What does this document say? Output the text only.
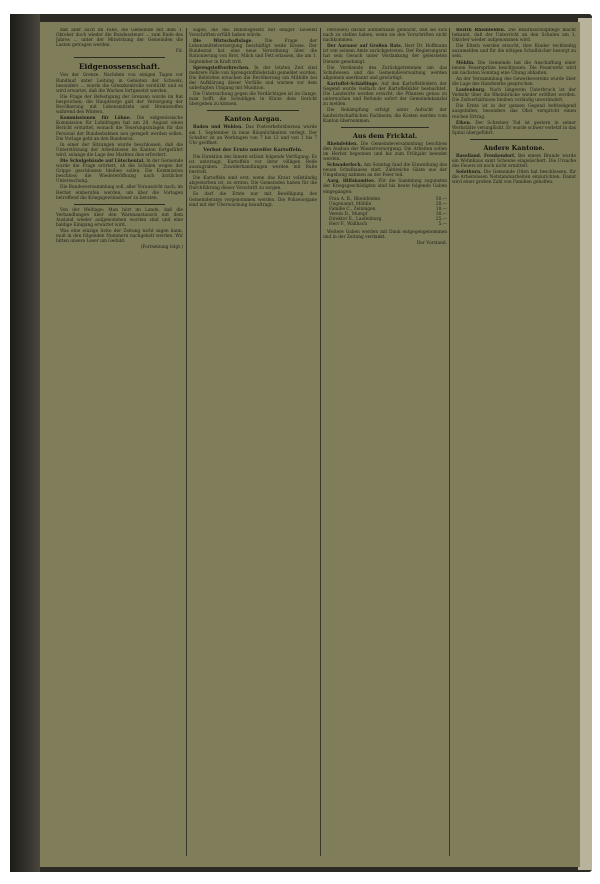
daß aber auch im Falle, die Gemeinde mit dem 1. Oktober doch wieder die Bundessteuer ... zum Ende des Jahres ... unter der Mitwirkung der Gemeinden die Lasten getragen werden.

Fd.

Eidgenossenschaft.

Von der Grenze. Nachdem von einigen Tagen vor Rundlauf unter Leitung in Gebieten der Schweiz, besonders ... wurde die Grenzkontrolle verstärkt und es wird erwartet, daß die Wachen fortgesetzt werden.

Die Frage der Befestigung der Grenzen wurde im Rat besprochen; die Hauptsorge galt der Versorgung der Bevölkerung mit Lebensmitteln und Brennstoffen während des Winters.

Kommissionen für Löhne. Die eidgenössische Kommission für Lohnfragen hat am 28. August einen Bericht erstattet, wonach die Teuerungszulagen für das Personal der Bundesbahnen neu geregelt werden sollen. Die Vorlage geht an den Bundesrat.

In einer der Sitzungen wurde beschlossen, daß die Unterstützung der Arbeitslosen im Kanton fortgeführt wird, solange die Lage des Marktes dies erfordert.

Die Schulgebäude auf Lütschental. In der Gemeinde wurde die Frage erörtert, ob die Schulen wegen der Grippe geschlossen bleiben sollen. Die Kommission beschloss die Wiedereröffnung nach ärztlicher Untersuchung.

Die Bundesversammlung soll, aller Voraussicht nach, im Herbst einberufen werden, um über die Vorlagen betreffend die Kriegsgewinnsteuer zu beraten.

Von der Weltlage: Man hört im Lande, daß die Verhandlungen über den Warenaustausch mit dem Ausland wieder aufgenommen worden sind und eine baldige Einigung erwartet wird.

Was eine einzige Seite der Zeitung nicht sagen kann, muß in den folgenden Nummern nachgeholt werden. Wir bitten unsere Leser um Geduld.

(Fortsetzung folgt.)

sagen, die das Bundesgesetz mit einiger Tausend Vorschriften erfüllt haben würde.

Die Wirtschaftslage.	Die Frage der Lebensmittelversorgung beschäftigt weite Kreise. Der Bundesrat hat eine neue Verordnung über die Rationierung von Brot, Milch und Fett erlassen, die am 1. September in Kraft tritt.

Sprengstoffverbrechen. In der letzten Zeit sind mehrere Fälle von Sprengstoffdiebstahl gemeldet worden. Die Behörden ersuchen die Bevölkerung um Mithilfe bei der Aufklärung dieser Vorfälle und warnen vor dem unbefugten Umgang mit Munition.

Die Untersuchung gegen die Verdächtigen ist im Gange; man hofft, die Schuldigen in Kürze dem Gericht übergeben zu können.

Kanton Aargau.

Baden und Wohlen. Das Postverkehrsbureau wurde am 1. September in neue Räumlichkeiten verlegt. Der Schalter ist an Werktagen von 7 bis 12 und von 1 bis 7 Uhr geöffnet.

Verbot der Ernte unreifer Kartoffeln.

Die Direktion des Innern erlässt folgende Verfügung: Es ist untersagt, Kartoffeln vor ihrer völligen Reife auszugraben. Zuwiderhandlungen werden mit Buße bestraft.

Die Kartoffeln sind erst, wenn das Kraut vollständig abgestorben ist, zu ernten. Die Gemeinden haben für die Durchführung dieser Vorschrift zu sorgen.

Es darf die Ernte nur mit Bewilligung des Gemeinderates vorgenommen werden. Die Polizeiorgane sind mit der Überwachung beauftragt.

Personen) darauf aufmerksam gemacht, daß sie sich nach zu stellen haben, wenn sie den Vorschriften nicht nachkommen.

Der Aarauer auf Großen Rats. Herr Dr. Hoffmann ist von seinem Amte zurückgetreten. Der Regierungsrat hat sein Gesuch unter Verdankung der geleisteten Dienste genehmigt.

Die Verdienste des Zurückgetretenen um das Schulwesen und die Gemeindeverwaltung werden allgemein anerkannt und gewürdigt.

Kartoffel-Schädlinge. Auf den Kartoffelfeldern der Gegend wurde vielfach der Kartoffelkäfer beobachtet. Die Landwirte werden ersucht, die Pflanzen genau zu untersuchen und Befunde sofort der Gemeindekanzlei zu melden.

Die Bekämpfung erfolgt unter Aufsicht der landwirtschaftlichen Fachleute; die Kosten werden vom Kanton übernommen.

Aus dem Fricktal.

Rheinfelden. Die Gemeindeversammlung beschloss den Ausbau der Wasserversorgung. Die Arbeiten sollen im Herbst begonnen und bis zum Frühjahr beendet werden.

Schwaderloch. Am Sonntag fand die Einweihung des neuen Schulhauses statt. Zahlreiche Gäste aus der Umgebung nahmen an der Feier teil.

Aarg. Hilfskomitee. Für die Sammlung zugunsten der Kriegsgeschädigten sind bis heute folgende Gaben eingegangen:

Frau A. B., Rheinfelden	50.—
Ungenannt, Möhlin	20.—
Familie C., Zeiningen	10.—
Verein D., Mumpf	30.—
Direktor E., Laufenburg	25.—
Herr F., Wallbach	5.—

Weitere Gaben werden mit Dank entgegengenommen und in der Zeitung verdankt.

Der Vorstand.

Bezirk Rheinfelden. Die Bezirksschulpflege macht bekannt, daß der Unterricht an den Schulen am 1. Oktober wieder aufgenommen wird.

Die Eltern werden ersucht, ihre Kinder rechtzeitig anzumelden und für die nötigen Schulbücher besorgt zu sein.

Möhlin. Die Gemeinde hat die Anschaffung einer neuen Feuerspritze beschlossen. Die Feuerwehr wird am nächsten Sonntag eine Übung abhalten.

An der Versammlung des Gewerbevereins wurde über die Lage des Handwerks gesprochen.

Laufenburg. Nach längerem Unterbruch ist der Verkehr über die Rheinbrücke wieder eröffnet worden. Die Zollverhältnisse bleiben vorläufig unverändert.

Die Ernte ist in der ganzen Gegend befriedigend ausgefallen; besonders das Obst verspricht einen reichen Ertrag.

Eiken. Der Schreiner Tod ist gestern in seiner Werkstätte verunglückt. Er wurde schwer verletzt in das Spital übergeführt.

Andere Kantone.

Baselland. Frenkendorf. Bei einem Brande wurde ein Wohnhaus samt Scheune eingeäschert. Die Ursache des Feuers ist noch nicht ermittelt.

Solothurn. Die Gemeinde Olten hat beschlossen, für die Arbeitslosen Notstandsarbeiten einzurichten. Damit wird einer großen Zahl von Familien geholfen.
